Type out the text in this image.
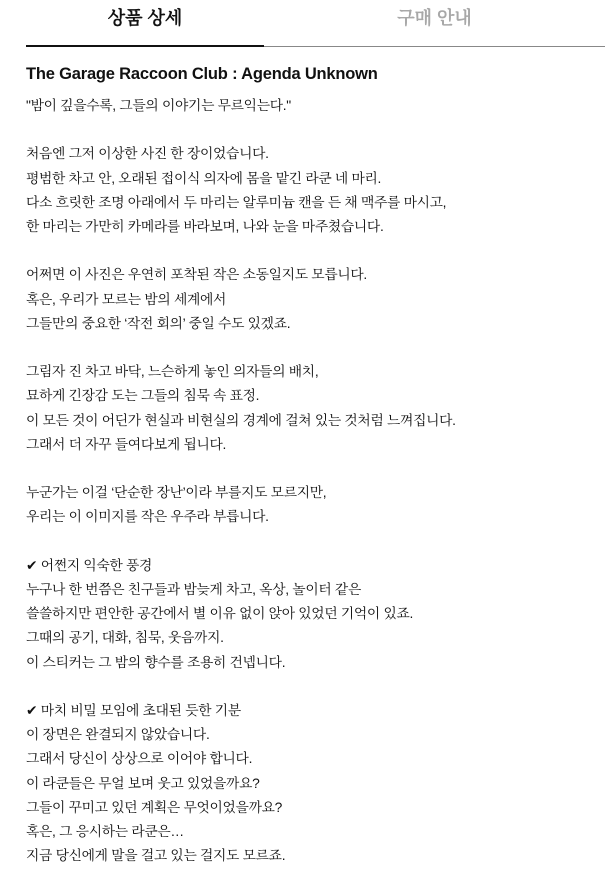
상품 상세	구매 안내
The Garage Raccoon Club : Agenda Unknown
"밤이 깊을수록, 그들의 이야기는 무르익는다."
처음엔 그저 이상한 사진 한 장이었습니다.
평범한 차고 안, 오래된 접이식 의자에 몸을 맡긴 라쿤 네 마리.
다소 흐릿한 조명 아래에서 두 마리는 알루미늄 캔을 든 채 맥주를 마시고,
한 마리는 가만히 카메라를 바라보며, 나와 눈을 마주쳤습니다.
어쩌면 이 사진은 우연히 포착된 작은 소동일지도 모릅니다.
혹은, 우리가 모르는 밤의 세계에서
그들만의 중요한 ‘작전 회의’ 중일 수도 있겠죠.
그림자 진 차고 바닥, 느슨하게 놓인 의자들의 배치,
묘하게 긴장감 도는 그들의 침묵 속 표정.
이 모든 것이 어딘가 현실과 비현실의 경계에 걸쳐 있는 것처럼 느껴집니다.
그래서 더 자꾸 들여다보게 됩니다.
누군가는 이걸 ‘단순한 장난’이라 부를지도 모르지만,
우리는 이 이미지를 작은 우주라 부릅니다.
✔ 어쩐지 익숙한 풍경
누구나 한 번쯤은 친구들과 밤늦게 차고, 옥상, 놀이터 같은
쓸쓸하지만 편안한 공간에서 별 이유 없이 앉아 있었던 기억이 있죠.
그때의 공기, 대화, 침묵, 웃음까지.
이 스티커는 그 밤의 향수를 조용히 건넵니다.
✔ 마치 비밀 모임에 초대된 듯한 기분
이 장면은 완결되지 않았습니다.
그래서 당신이 상상으로 이어야 합니다.
이 라쿤들은 무얼 보며 웃고 있었을까요?
그들이 꾸미고 있던 계획은 무엇이었을까요?
혹은, 그 응시하는 라쿤은…
지금 당신에게 말을 걸고 있는 걸지도 모르죠.
